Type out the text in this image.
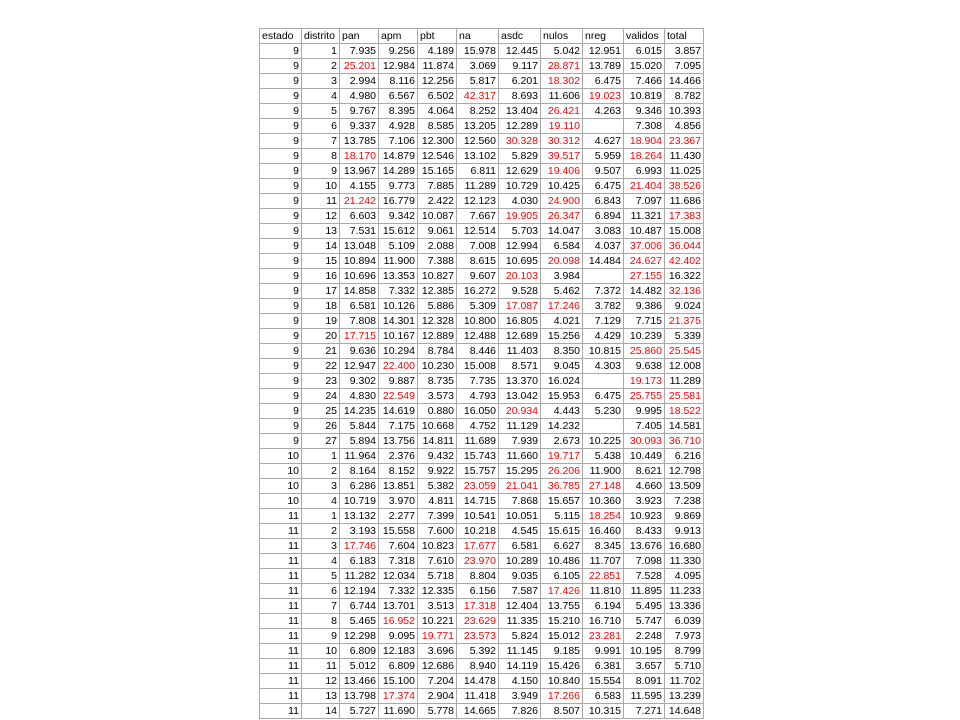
estado	distrito	pan	apm	pbt	na	asdc	nulos	nreg	validos	total
9	1	7.935	9.256	4.189	15.978	12.445	5.042	12.951	6.015	3.857
9	2	25.201	12.984	11.874	3.069	9.117	28.871	13.789	15.020	7.095
9	3	2.994	8.116	12.256	5.817	6.201	18.302	6.475	7.466	14.466
9	4	4.980	6.567	6.502	42.317	8.693	11.606	19.023	10.819	8.782
9	5	9.767	8.395	4.064	8.252	13.404	26.421	4.263	9.346	10.393
9	6	9.337	4.928	8.585	13.205	12.289	19.110		7.308	4.856
9	7	13.785	7.106	12.300	12.560	30.328	30.312	4.627	18.904	23.367
9	8	18.170	14.879	12.546	13.102	5.829	39.517	5.959	18.264	11.430
9	9	13.967	14.289	15.165	6.811	12.629	19.406	9.507	6.993	11.025
9	10	4.155	9.773	7.885	11.289	10.729	10.425	6.475	21.404	38.526
9	11	21.242	16.779	2.422	12.123	4.030	24.900	6.843	7.097	11.686
9	12	6.603	9.342	10.087	7.667	19.905	26.347	6.894	11.321	17.383
9	13	7.531	15.612	9.061	12.514	5.703	14.047	3.083	10.487	15.008
9	14	13.048	5.109	2.088	7.008	12.994	6.584	4.037	37.006	36.044
9	15	10.894	11.900	7.388	8.615	10.695	20.098	14.484	24.627	42.402
9	16	10.696	13.353	10.827	9.607	20.103	3.984		27.155	16.322
9	17	14.858	7.332	12.385	16.272	9.528	5.462	7.372	14.482	32.136
9	18	6.581	10.126	5.886	5.309	17.087	17.246	3.782	9.386	9.024
9	19	7.808	14.301	12.328	10.800	16.805	4.021	7.129	7.715	21.375
9	20	17.715	10.167	12.889	12.488	12.689	15.256	4.429	10.239	5.339
9	21	9.636	10.294	8.784	8.446	11.403	8.350	10.815	25.860	25.545
9	22	12.947	22.400	10.230	15.008	8.571	9.045	4.303	9.638	12.008
9	23	9.302	9.887	8.735	7.735	13.370	16.024		19.173	11.289
9	24	4.830	22.549	3.573	4.793	13.042	15.953	6.475	25.755	25.581
9	25	14.235	14.619	0.880	16.050	20.934	4.443	5.230	9.995	18.522
9	26	5.844	7.175	10.668	4.752	11.129	14.232		7.405	14.581
9	27	5.894	13.756	14.811	11.689	7.939	2.673	10.225	30.093	36.710
10	1	11.964	2.376	9.432	15.743	11.660	19.717	5.438	10.449	6.216
10	2	8.164	8.152	9.922	15.757	15.295	26.206	11.900	8.621	12.798
10	3	6.286	13.851	5.382	23.059	21.041	36.785	27.148	4.660	13.509
10	4	10.719	3.970	4.811	14.715	7.868	15.657	10.360	3.923	7.238
11	1	13.132	2.277	7.399	10.541	10.051	5.115	18.254	10.923	9.869
11	2	3.193	15.558	7.600	10.218	4.545	15.615	16.460	8.433	9.913
11	3	17.746	7.604	10.823	17.677	6.581	6.627	8.345	13.676	16.680
11	4	6.183	7.318	7.610	23.970	10.289	10.486	11.707	7.098	11.330
11	5	11.282	12.034	5.718	8.804	9.035	6.105	22.851	7.528	4.095
11	6	12.194	7.332	12.335	6.156	7.587	17.426	11.810	11.895	11.233
11	7	6.744	13.701	3.513	17.318	12.404	13.755	6.194	5.495	13.336
11	8	5.465	16.952	10.221	23.629	11.335	15.210	16.710	5.747	6.039
11	9	12.298	9.095	19.771	23.573	5.824	15.012	23.281	2.248	7.973
11	10	6.809	12.183	3.696	5.392	11.145	9.185	9.991	10.195	8.799
11	11	5.012	6.809	12.686	8.940	14.119	15.426	6.381	3.657	5.710
11	12	13.466	15.100	7.204	14.478	4.150	10.840	15.554	8.091	11.702
11	13	13.798	17.374	2.904	11.418	3.949	17.266	6.583	11.595	13.239
11	14	5.727	11.690	5.778	14.665	7.826	8.507	10.315	7.271	14.648
